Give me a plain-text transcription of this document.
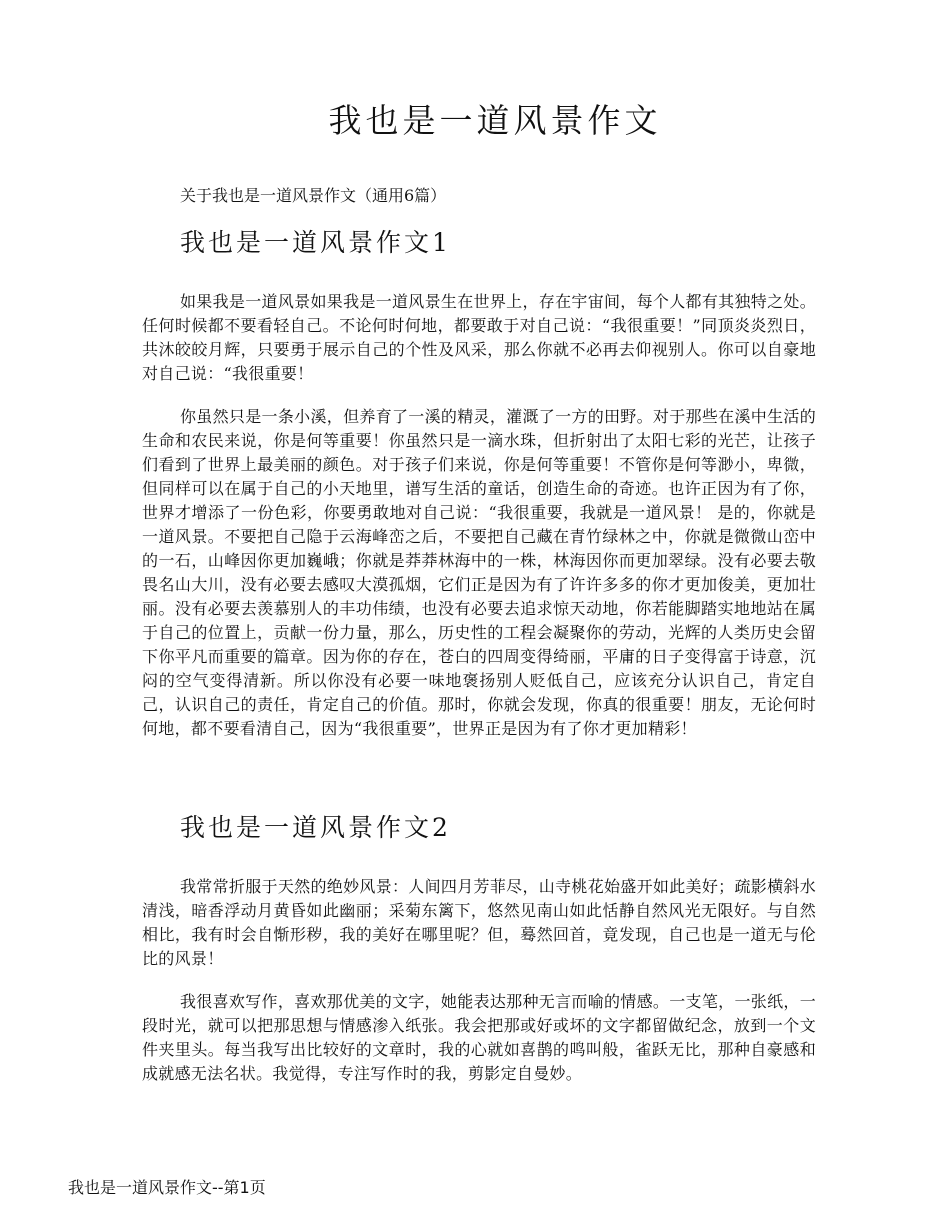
我也是一道风景作文
关于我也是一道风景作文（通用6篇）
我也是一道风景作文1

如果我是一道风景如果我是一道风景生在世界上，存在宇宙间，每个人都有其独特之处。任何时候都不要看轻自己。不论何时何地，都要敢于对自己说：“我很重要！”同顶炎炎烈日，共沐皎皎月辉，只要勇于展示自己的个性及风采，那么你就不必再去仰视别人。你可以自豪地对自己说：“我很重要！

你虽然只是一条小溪，但养育了一溪的精灵，灌溉了一方的田野。对于那些在溪中生活的生命和农民来说，你是何等重要！你虽然只是一滴水珠，但折射出了太阳七彩的光芒，让孩子们看到了世界上最美丽的颜色。对于孩子们来说，你是何等重要！不管你是何等渺小，卑微，但同样可以在属于自己的小天地里，谱写生活的童话，创造生命的奇迹。也许正因为有了你，世界才增添了一份色彩，你要勇敢地对自己说：“我很重要，我就是一道风景！ 是的，你就是一道风景。不要把自己隐于云海峰峦之后，不要把自己藏在青竹绿林之中，你就是微微山峦中的一石，山峰因你更加巍峨；你就是莽莽林海中的一株，林海因你而更加翠绿。没有必要去敬畏名山大川，没有必要去感叹大漠孤烟，它们正是因为有了许许多多的你才更加俊美，更加壮丽。没有必要去羡慕别人的丰功伟绩，也没有必要去追求惊天动地，你若能脚踏实地地站在属于自己的位置上，贡献一份力量，那么，历史性的工程会凝聚你的劳动，光辉的人类历史会留下你平凡而重要的篇章。因为你的存在，苍白的四周变得绮丽，平庸的日子变得富于诗意，沉闷的空气变得清新。所以你没有必要一味地褒扬别人贬低自己，应该充分认识自己，肯定自己，认识自己的责任，肯定自己的价值。那时，你就会发现，你真的很重要！朋友，无论何时何地，都不要看清自己，因为“我很重要”，世界正是因为有了你才更加精彩！

我也是一道风景作文2

我常常折服于天然的绝妙风景：人间四月芳菲尽，山寺桃花始盛开如此美好；疏影横斜水清浅，暗香浮动月黄昏如此幽丽；采菊东篱下，悠然见南山如此恬静自然风光无限好。与自然相比，我有时会自惭形秽，我的美好在哪里呢？但，蓦然回首，竟发现，自己也是一道无与伦比的风景！

我很喜欢写作，喜欢那优美的文字，她能表达那种无言而喻的情感。一支笔，一张纸，一段时光，就可以把那思想与情感渗入纸张。我会把那或好或坏的文字都留做纪念，放到一个文件夹里头。每当我写出比较好的文章时，我的心就如喜鹊的鸣叫般，雀跃无比，那种自豪感和成就感无法名状。我觉得，专注写作时的我，剪影定自曼妙。

我也是一道风景作文--第1页
